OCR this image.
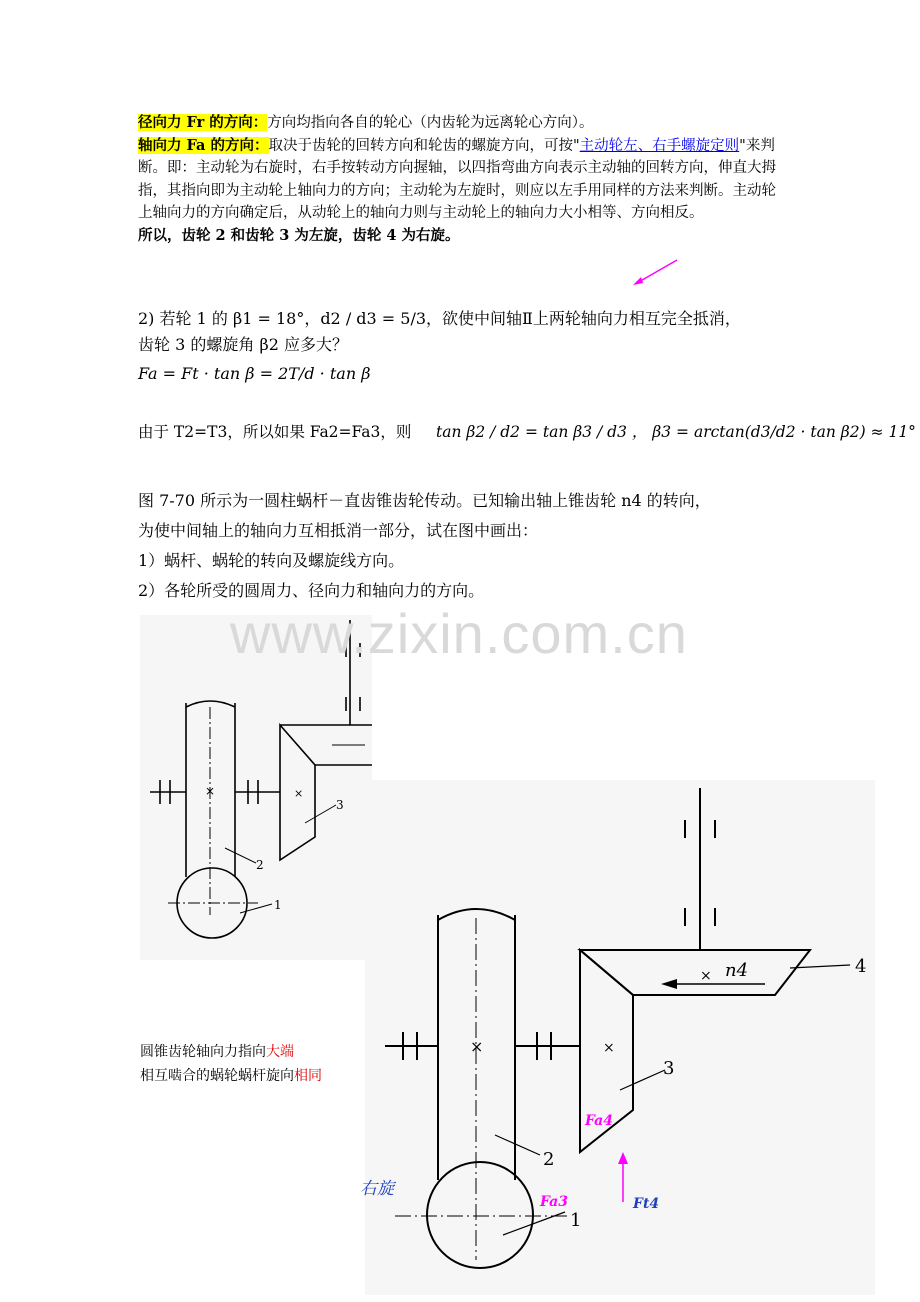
径向力 Fr 的方向：方向均指向各自的轮心（内齿轮为远离轮心方向）。

轴向力 Fa 的方向：取决于齿轮的回转方向和轮齿的螺旋方向，可按"主动轮左、右手螺旋定则"来判断。即：主动轮为右旋时，右手按转动方向握轴，以四指弯曲方向表示主动轴的回转方向，伸直大拇指，其指向即为主动轮上轴向力的方向；主动轮为左旋时，则应以左手用同样的方法来判断。主动轮上轴向力的方向确定后，从动轮上的轴向力则与主动轮上的轴向力大小相等、方向相反。

所以，齿轮 2 和齿轮 3 为左旋，齿轮 4 为右旋。

2) 若轮 1 的 β1 = 18°，d2 / d3 = 5/3，欲使中间轴Ⅱ上两轮轴向力相互完全抵消，
齿轮 3 的螺旋角 β2 应多大？
Fa = Ft · tan β = 2T/d · tan β
由于 T2=T3，所以如果 Fa2=Fa3，则 tan β2 / d2 = tan β3 / d3 ， β3 = arctan(d3/d2 · tan β2) ≈ 11°

图 7-70 所示为一圆柱蜗杆－直齿锥齿轮传动。已知输出轴上锥齿轮 n4 的转向，

为使中间轴上的轴向力互相抵消一部分，试在图中画出：

1）蜗杆、蜗轮的转向及螺旋线方向。

2）各轮所受的圆周力、径向力和轴向力的方向。

×	×
2
1
3
www.zixin.com.cn

圆锥齿轮轴向力指向大端

相互啮合的蜗轮蜗杆旋向相同

×	×
× n4	4
3
2
1
右旋
Fa4
Fa3	Ft4
